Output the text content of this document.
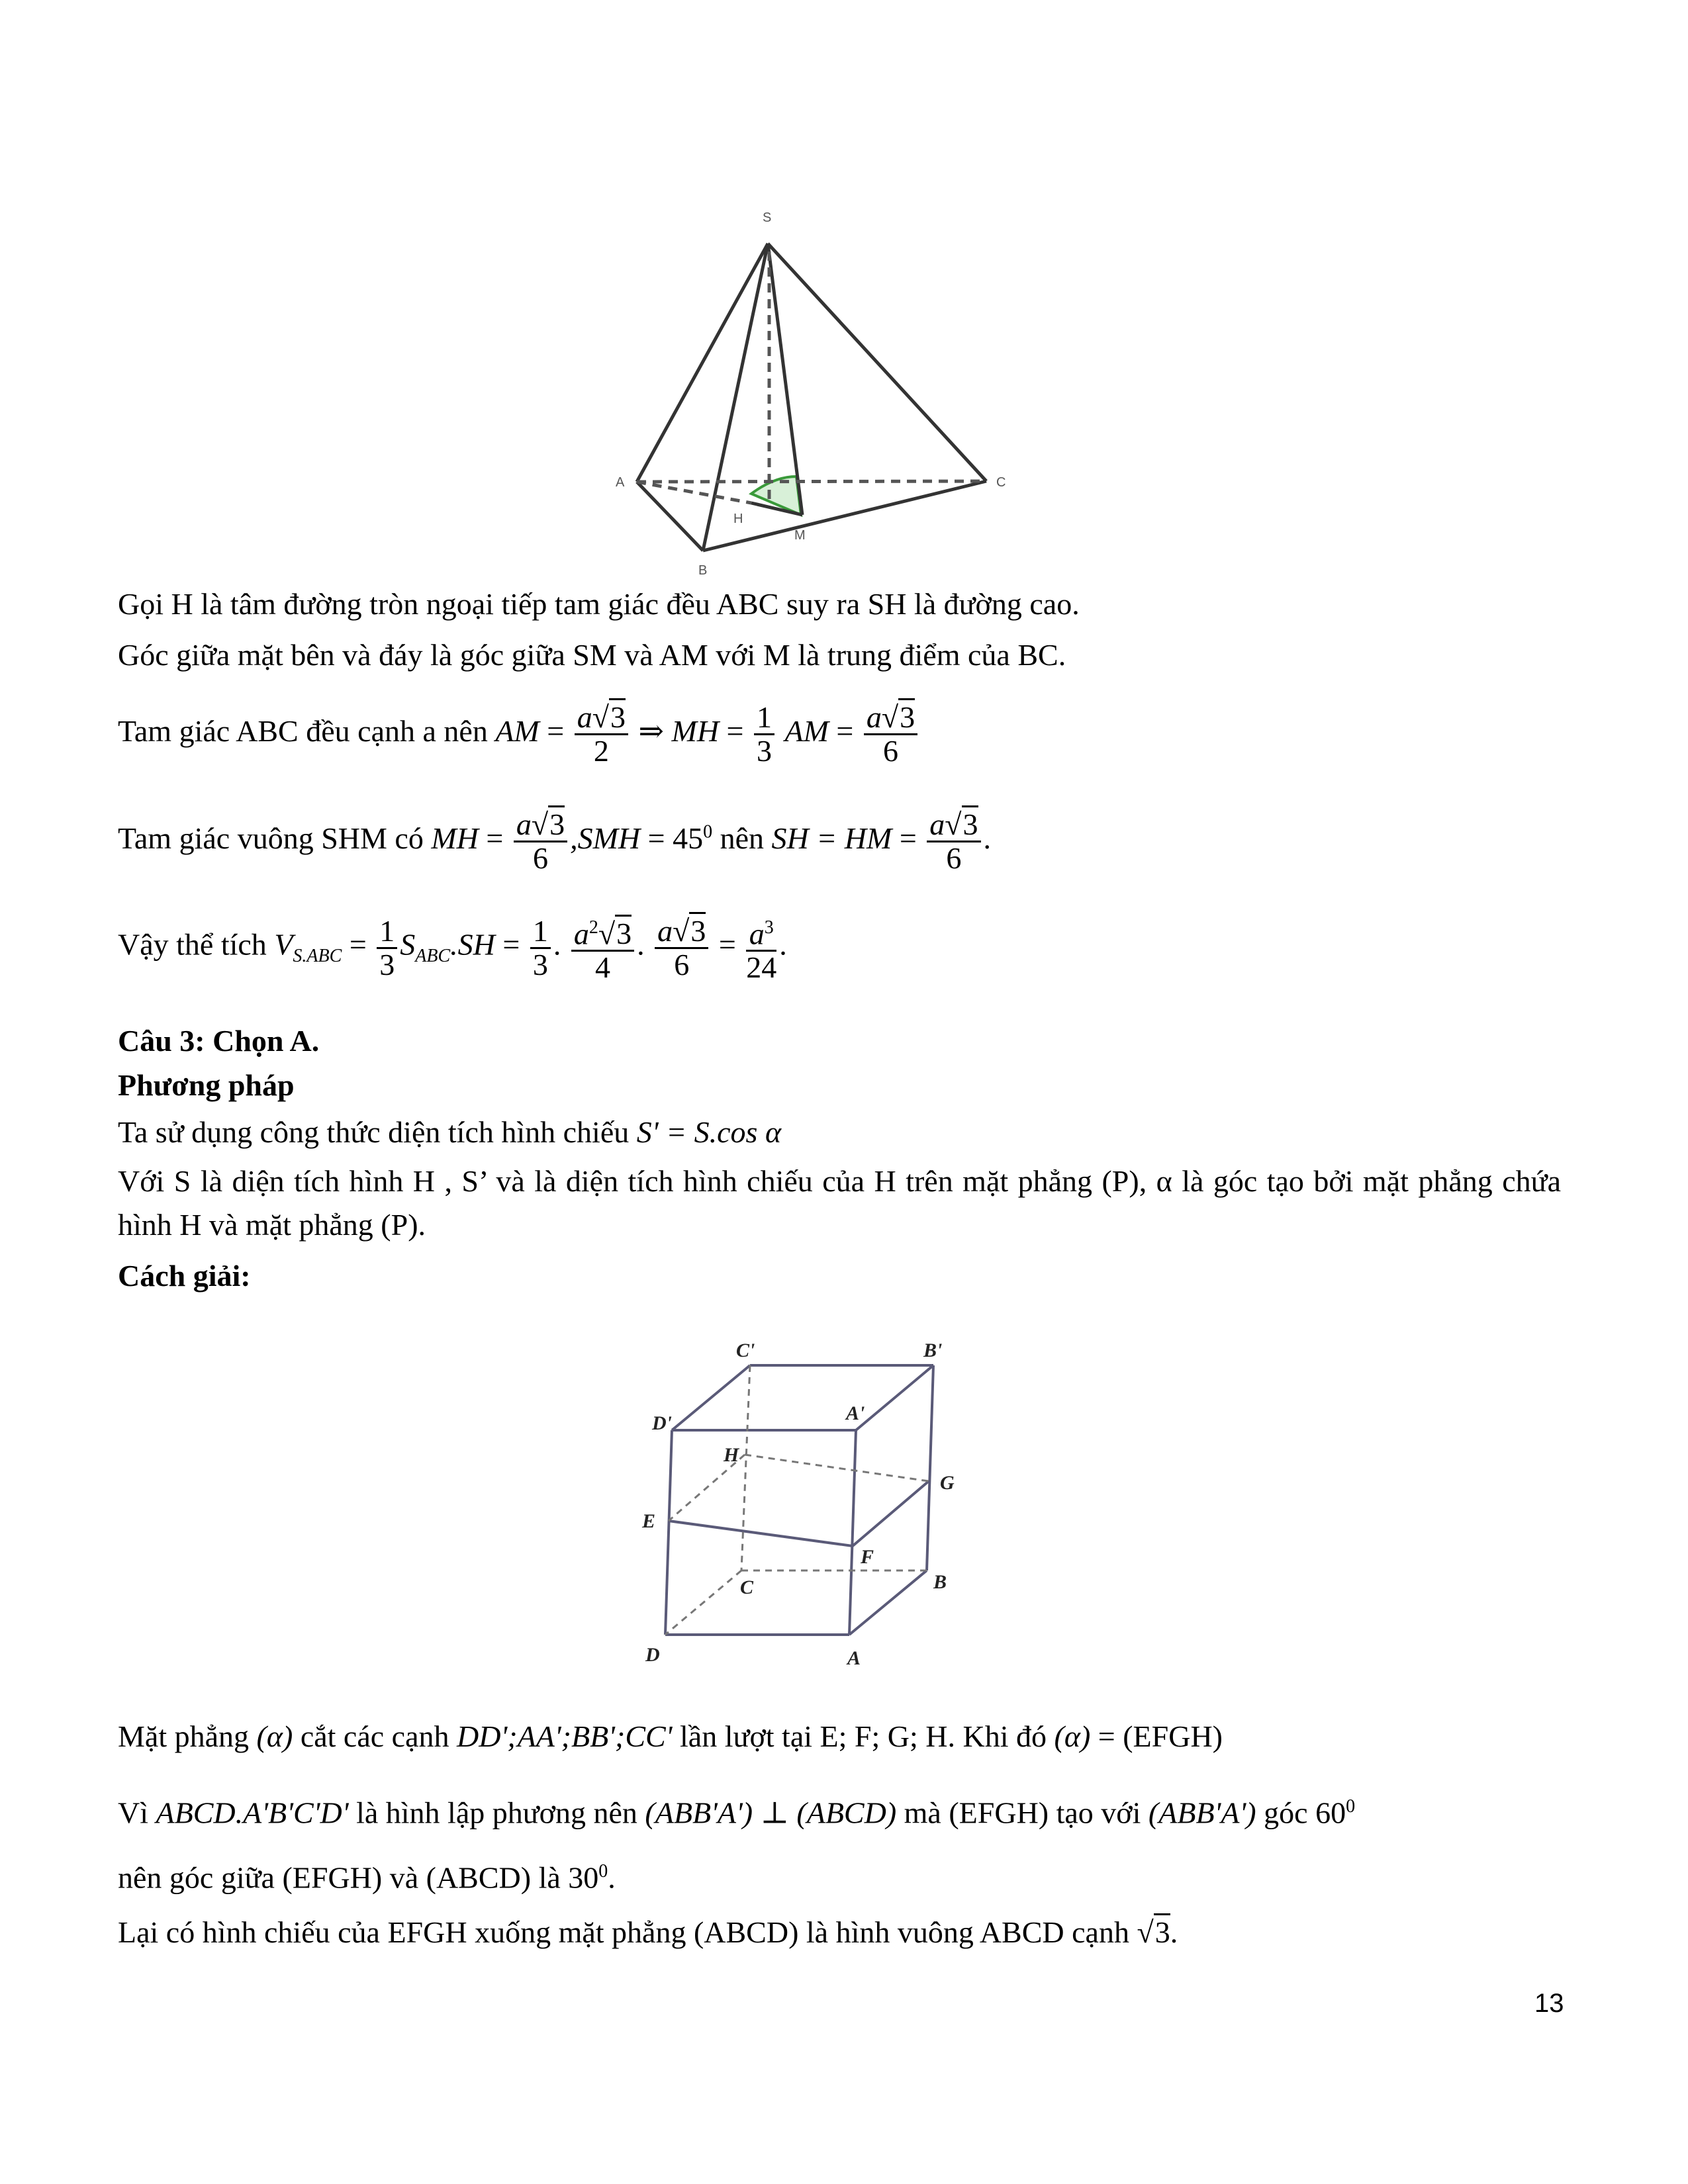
S
A	C
B
H
M
Gọi H là tâm đường tròn ngoại tiếp tam giác đều ABC suy ra SH là đường cao.
Góc giữa mặt bên và đáy là góc giữa SM và AM với M là trung điểm của BC.
Tam giác ABC đều cạnh a nên AM = $\frac{a√3}{2}$ ⇒ MH = $\frac{1}{3}$ AM = $\frac{a√3}{6}$
Tam giác vuông SHM có MH = $\frac{a√3}{6} ,SMH = 45^0$ nên SH = HM = $\frac{a√3}{6}$ .
Vậy thể tích $V_{S.ABC} = \frac{1}{3} S_{ABC}.SH = \frac{1}{3}$ . $\frac{a^2√3}{4}$ . $\frac{a√3}{6} = \frac{a^3}{24}$ .
Câu 3: Chọn A.
Phương pháp
Ta sử dụng công thức diện tích hình chiếu S' = S.cos α
Với S là diện tích hình H , S’ và là diện tích hình chiếu của H trên mặt phẳng (P), α là góc tạo bởi mặt phẳng chứa hình H và mặt phẳng (P).
Cách giải:
C'	B'
D'	A'
H
G
E
F
C	B
D	A
Mặt phẳng (α) cắt các cạnh DD';AA';BB';CC' lần lượt tại E; F; G; H. Khi đó (α) = (EFGH)
Vì ABCD.A'B'C'D' là hình lập phương nên (ABB'A') ⊥ (ABCD) mà (EFGH) tạo với (ABB'A') góc $60^0$
nên góc giữa (EFGH) và (ABCD) là $30^0$.
Lại có hình chiếu của EFGH xuống mặt phẳng (ABCD) là hình vuông ABCD cạnh √3.
13
